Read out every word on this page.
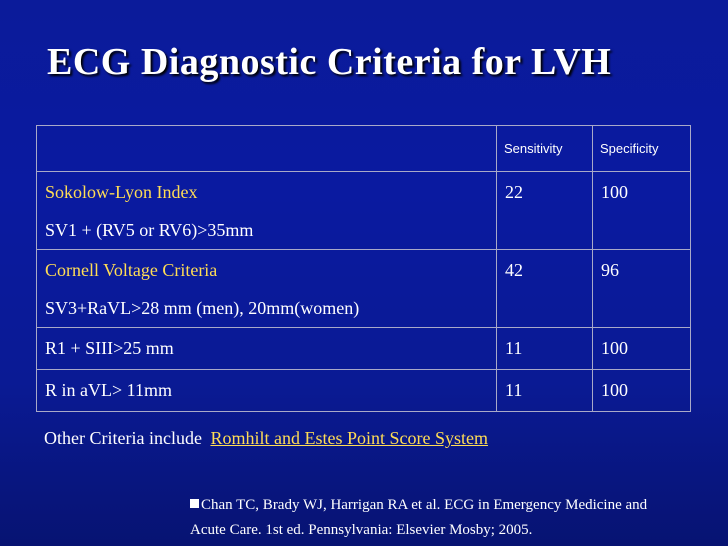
ECG Diagnostic Criteria for LVH
	Sensitivity	Specificity

Sokolow-Lyon Index
SV1 + (RV5 or RV6)>35mm	22	100

Cornell Voltage Criteria
SV3+RaVL>28 mm (men), 20mm(women)	42	96

R1 + SIII>25 mm	11	100

R in aVL> 11mm	11	100
Other Criteria include Romhilt and Estes Point Score System
Chan TC, Brady WJ, Harrigan RA et al. ECG in Emergency Medicine and
Acute Care. 1st ed. Pennsylvania: Elsevier Mosby; 2005.
